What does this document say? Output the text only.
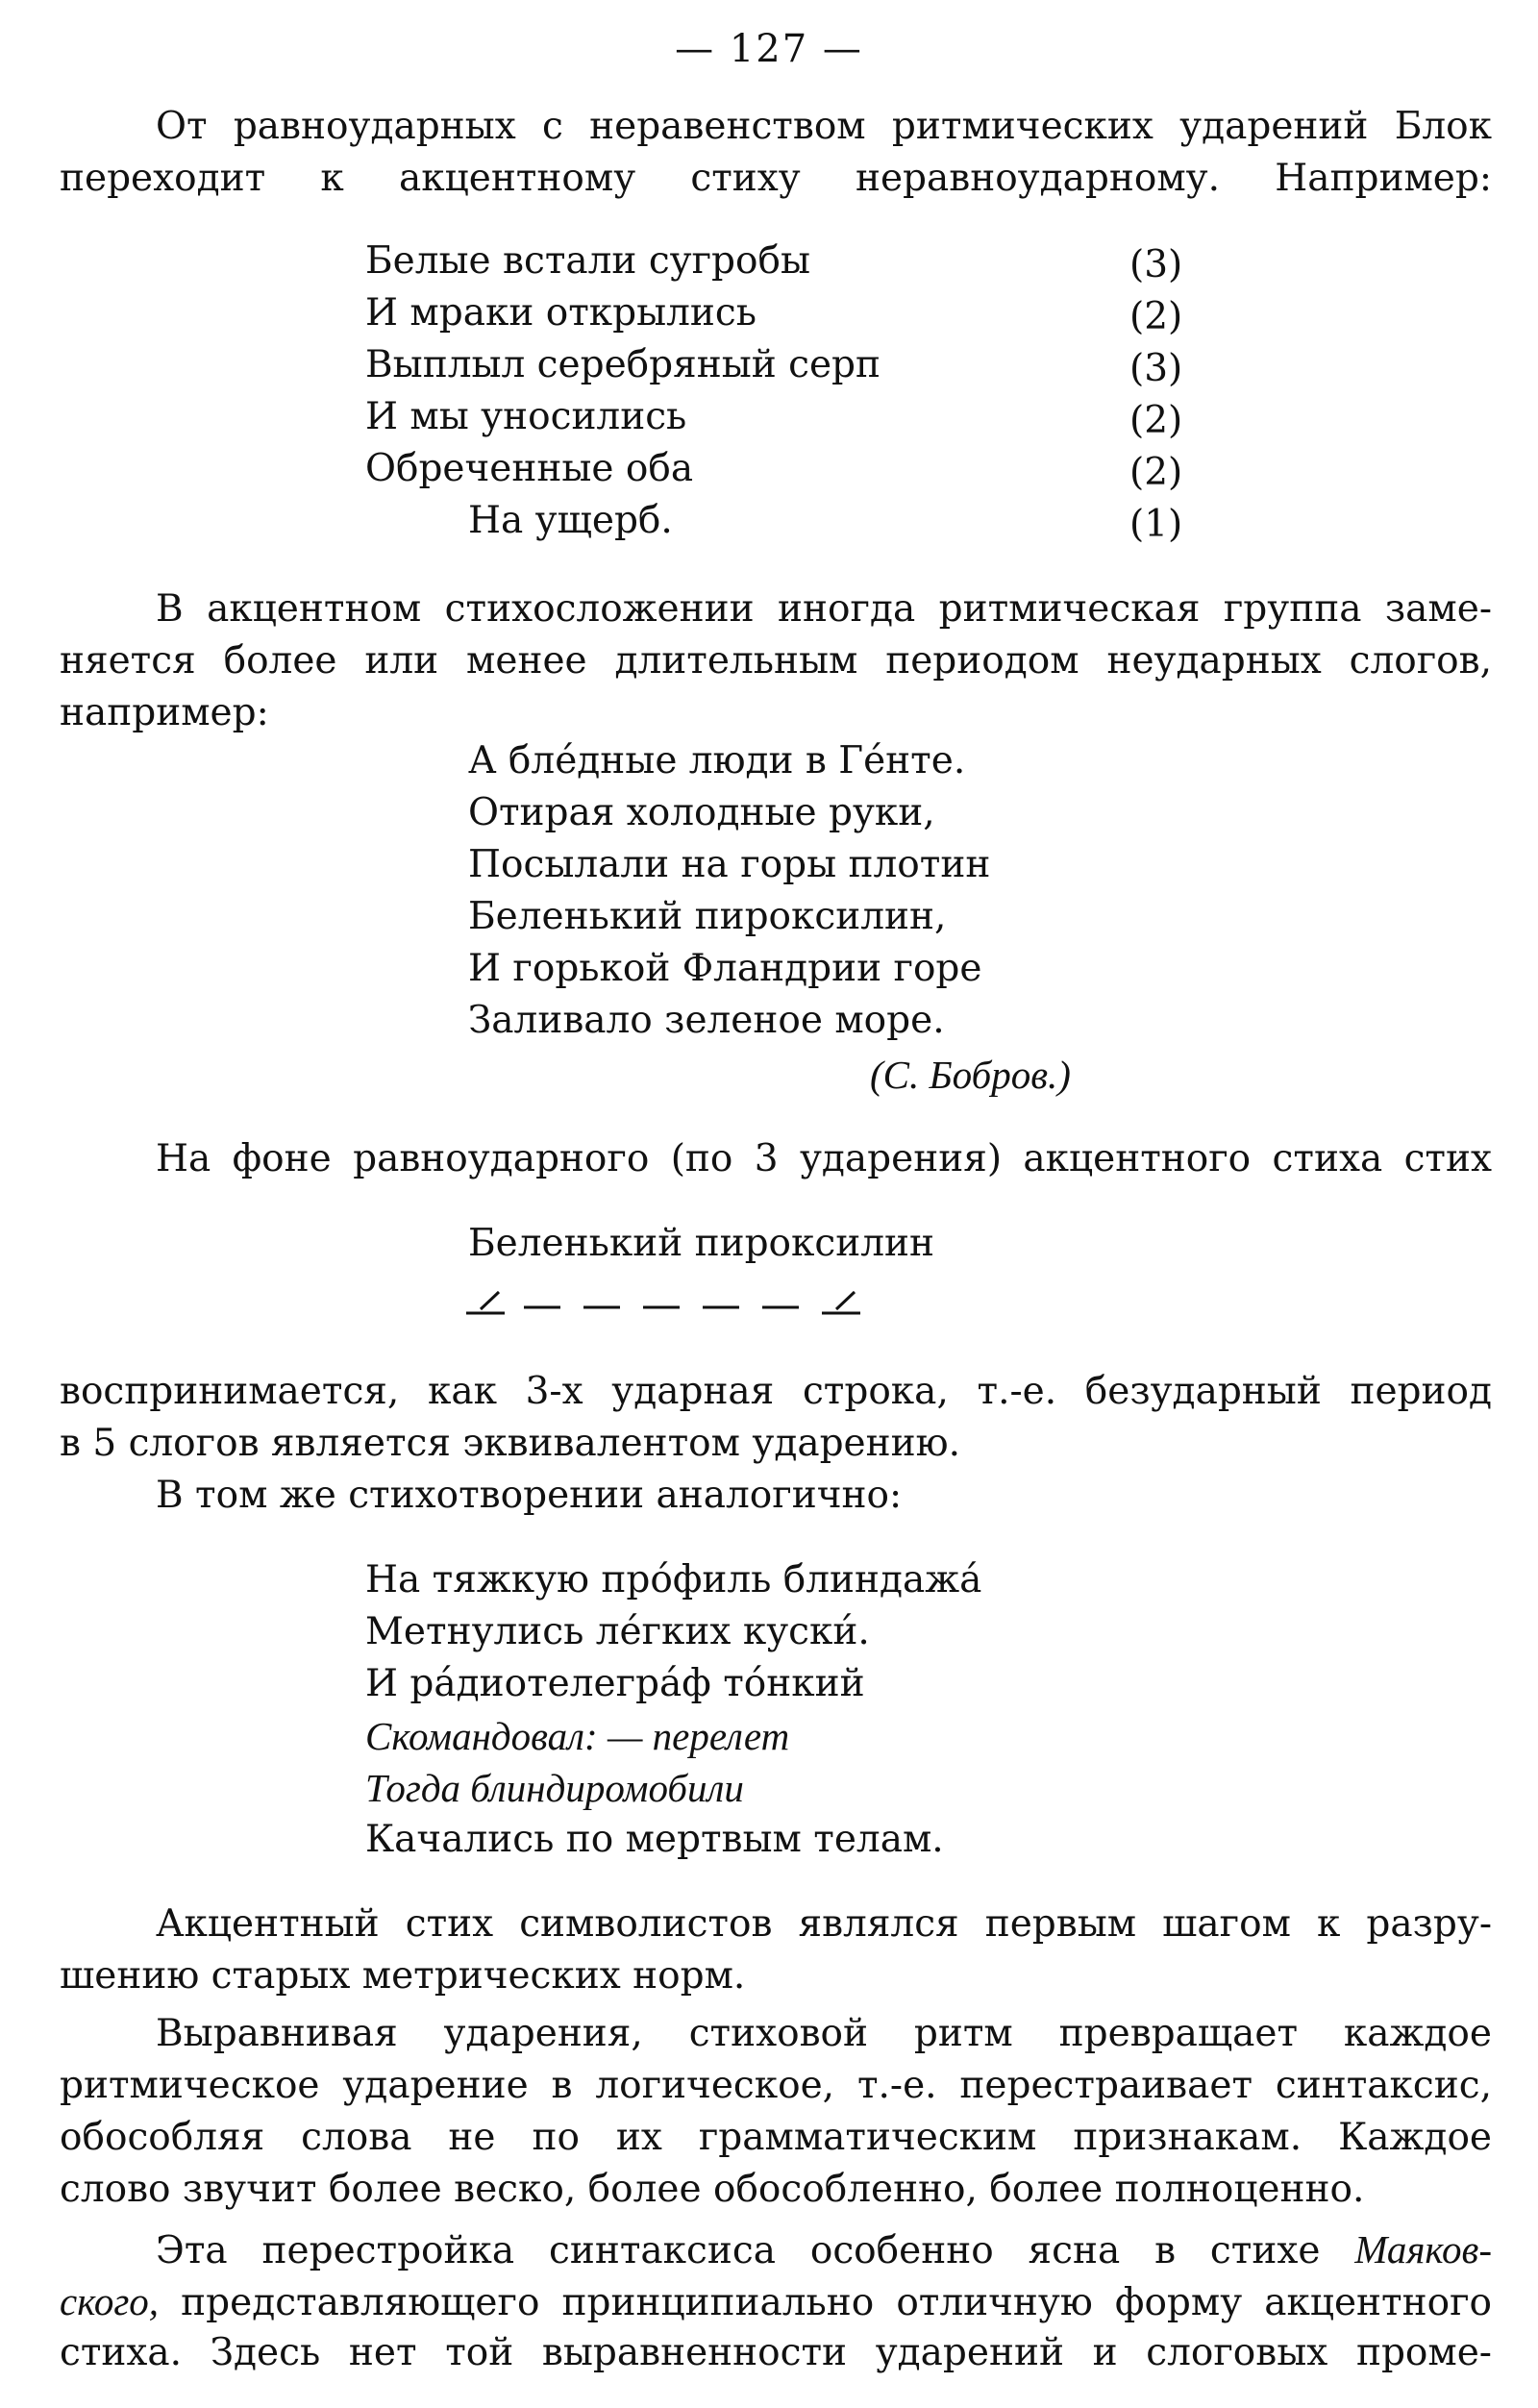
— 127 —
От равноударных с неравенством ритмических ударений Блок
переходит к акцентному стиху неравноударному. Например:
Белые встали сугробы
И мраки открылись
Выплыл серебряный серп
И мы уносились
Обреченные оба
На ущерб.
(3)
(2)
(3)
(2)
(2)
(1)
В акцентном стихосложении иногда ритмическая группа заме-
няется более или менее длительным периодом неударных слогов,
например:
А бле́дные люди в Ге́нте.
Отирая холодные руки,
Посылали на горы плотин
Беленький пироксилин,
И горькой Фландрии горе
Заливало зеленое море.
(С. Бобров.)
На фоне равноударного (по 3 ударения) акцентного стиха стих
Беленький пироксилин
воспринимается, как 3-х ударная строка, т.-е. безударный период
в 5 слогов является эквивалентом ударению.
В том же стихотворении аналогично:
На тяжкую про́филь блиндажа́
Метнулись ле́гких куски́.
И ра́диотелегра́ф то́нкий
Скомандовал: — перелет
Тогда блиндиромобили
Качались по мертвым телам.
Акцентный стих символистов являлся первым шагом к разру-
шению старых метрических норм.
Выравнивая ударения, стиховой ритм превращает каждое
ритмическое ударение в логическое, т.-е. перестраивает синтаксис,
обособляя слова не по их грамматическим признакам. Каждое
слово звучит более веско, более обособленно, более полноценно.
Эта перестройка синтаксиса особенно ясна в стихе Маяков-
ского, представляющего принципиально отличную форму акцентного
стиха. Здесь нет той выравненности ударений и слоговых проме-
